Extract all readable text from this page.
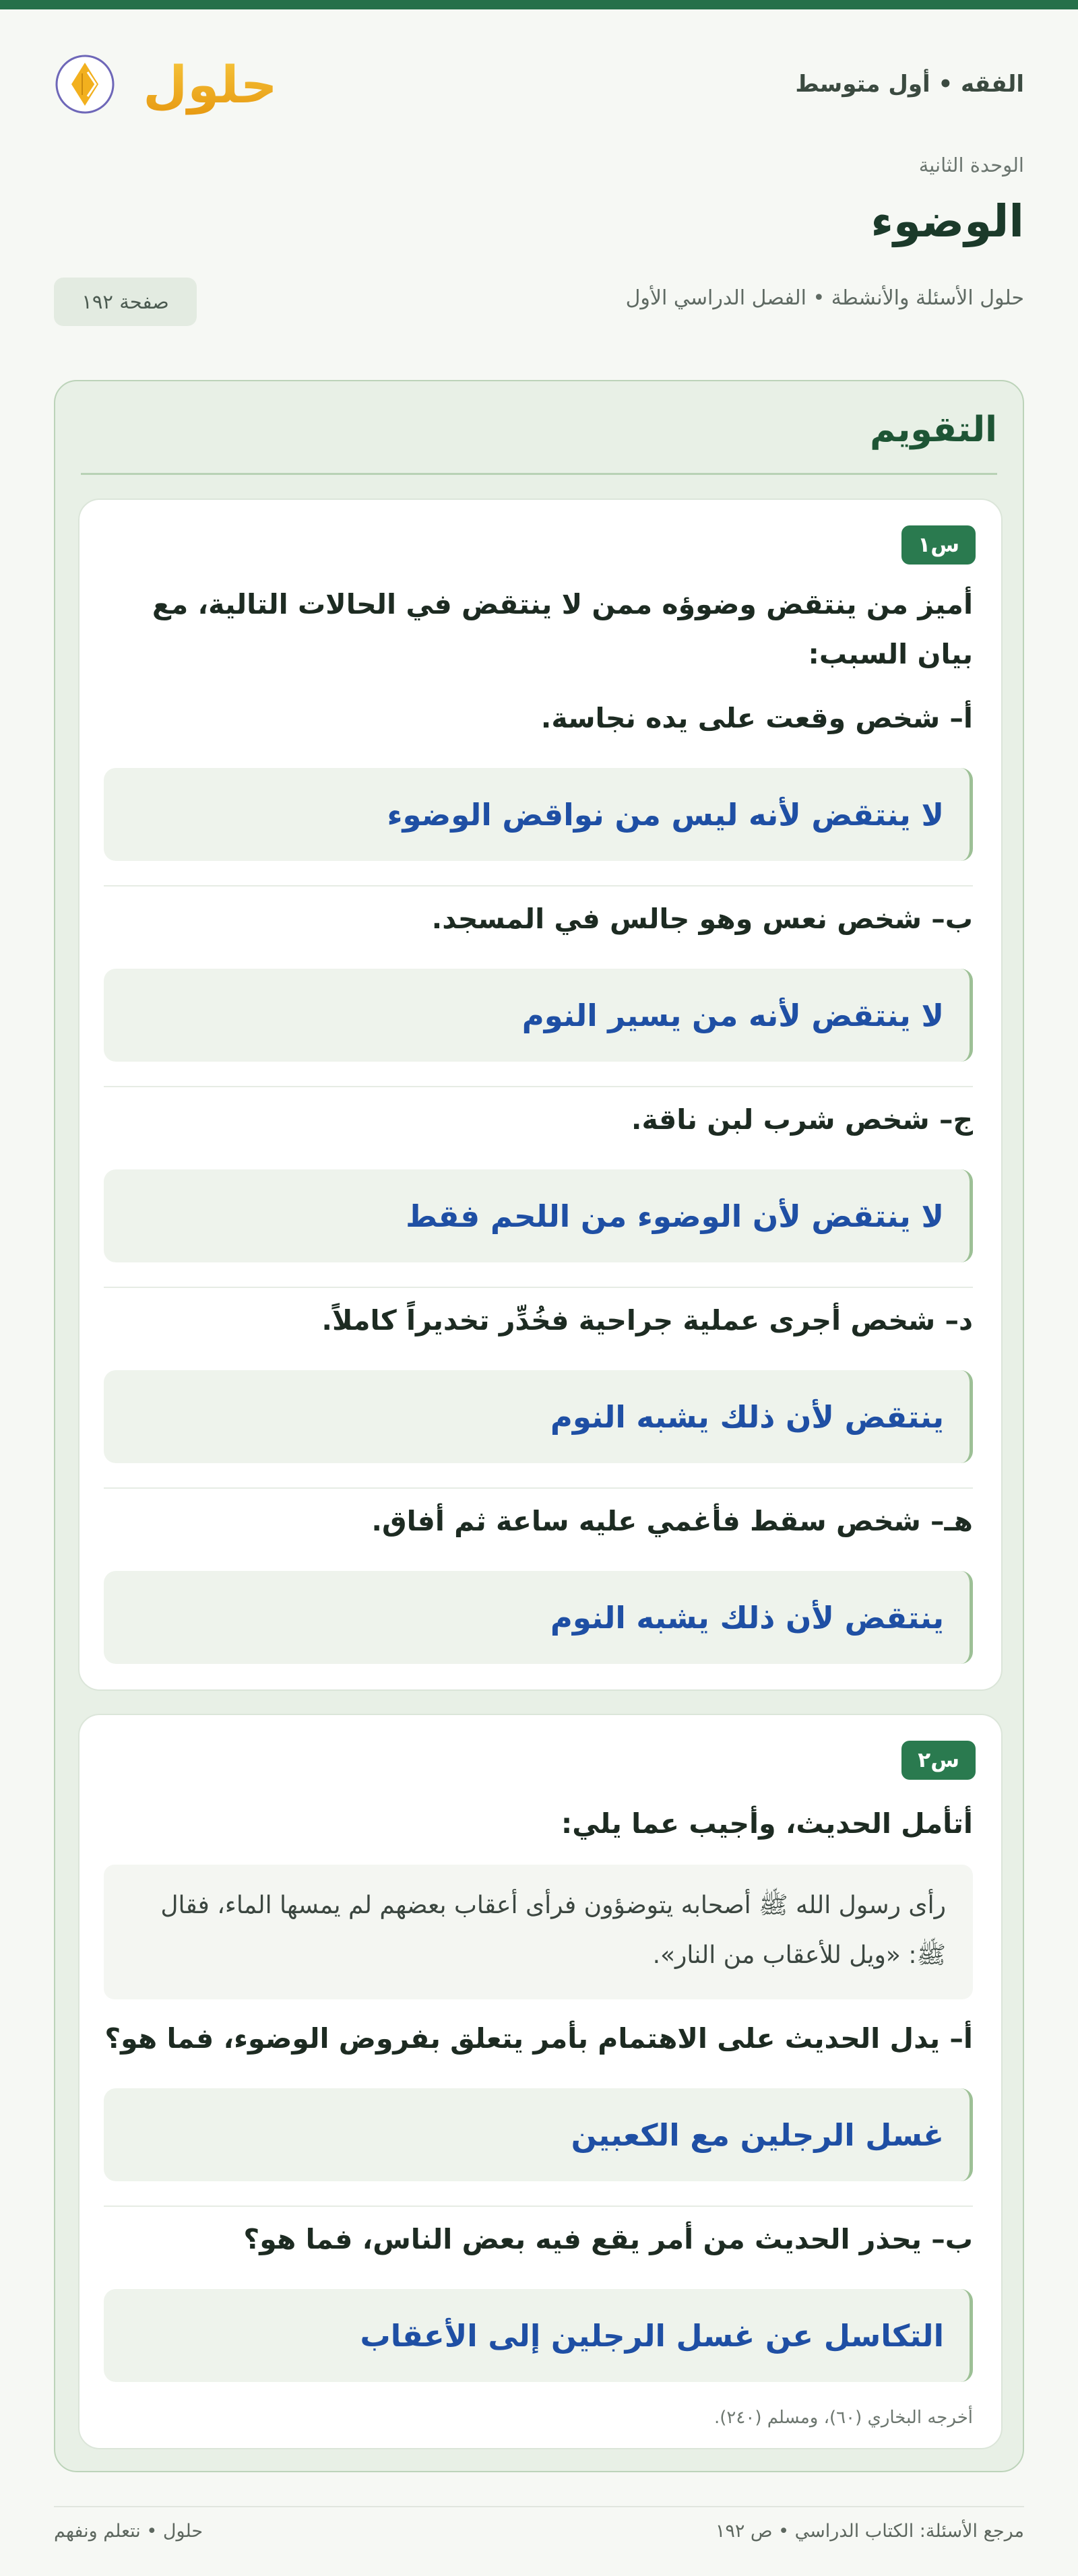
الفقه • أول متوسط
حلول
الوحدة الثانية
الوضوء
حلول الأسئلة والأنشطة • الفصل الدراسي الأول
صفحة ١٩٢
التقويم
س١
أميز من ينتقض وضوؤه ممن لا ينتقض في الحالات التالية، مع بيان السبب:
أ– شخص وقعت على يده نجاسة.
لا ينتقض لأنه ليس من نواقض الوضوء
ب– شخص نعس وهو جالس في المسجد.
لا ينتقض لأنه من يسير النوم
ج– شخص شرب لبن ناقة.
لا ينتقض لأن الوضوء من اللحم فقط
د– شخص أجرى عملية جراحية فخُدِّر تخديراً كاملاً.
ينتقض لأن ذلك يشبه النوم
هـ– شخص سقط فأغمي عليه ساعة ثم أفاق.
ينتقض لأن ذلك يشبه النوم
س٢
أتأمل الحديث، وأجيب عما يلي:
رأى رسول الله ﷺ أصحابه يتوضؤون فرأى أعقاب بعضهم لم يمسها الماء، فقال ﷺ: «ويل للأعقاب من النار».
أ– يدل الحديث على الاهتمام بأمر يتعلق بفروض الوضوء، فما هو؟
غسل الرجلين مع الكعبين
ب– يحذر الحديث من أمر يقع فيه بعض الناس، فما هو؟
التكاسل عن غسل الرجلين إلى الأعقاب
أخرجه البخاري (٦٠)، ومسلم (٢٤٠).
مرجع الأسئلة: الكتاب الدراسي • ص ١٩٢
حلول • نتعلم ونفهم
